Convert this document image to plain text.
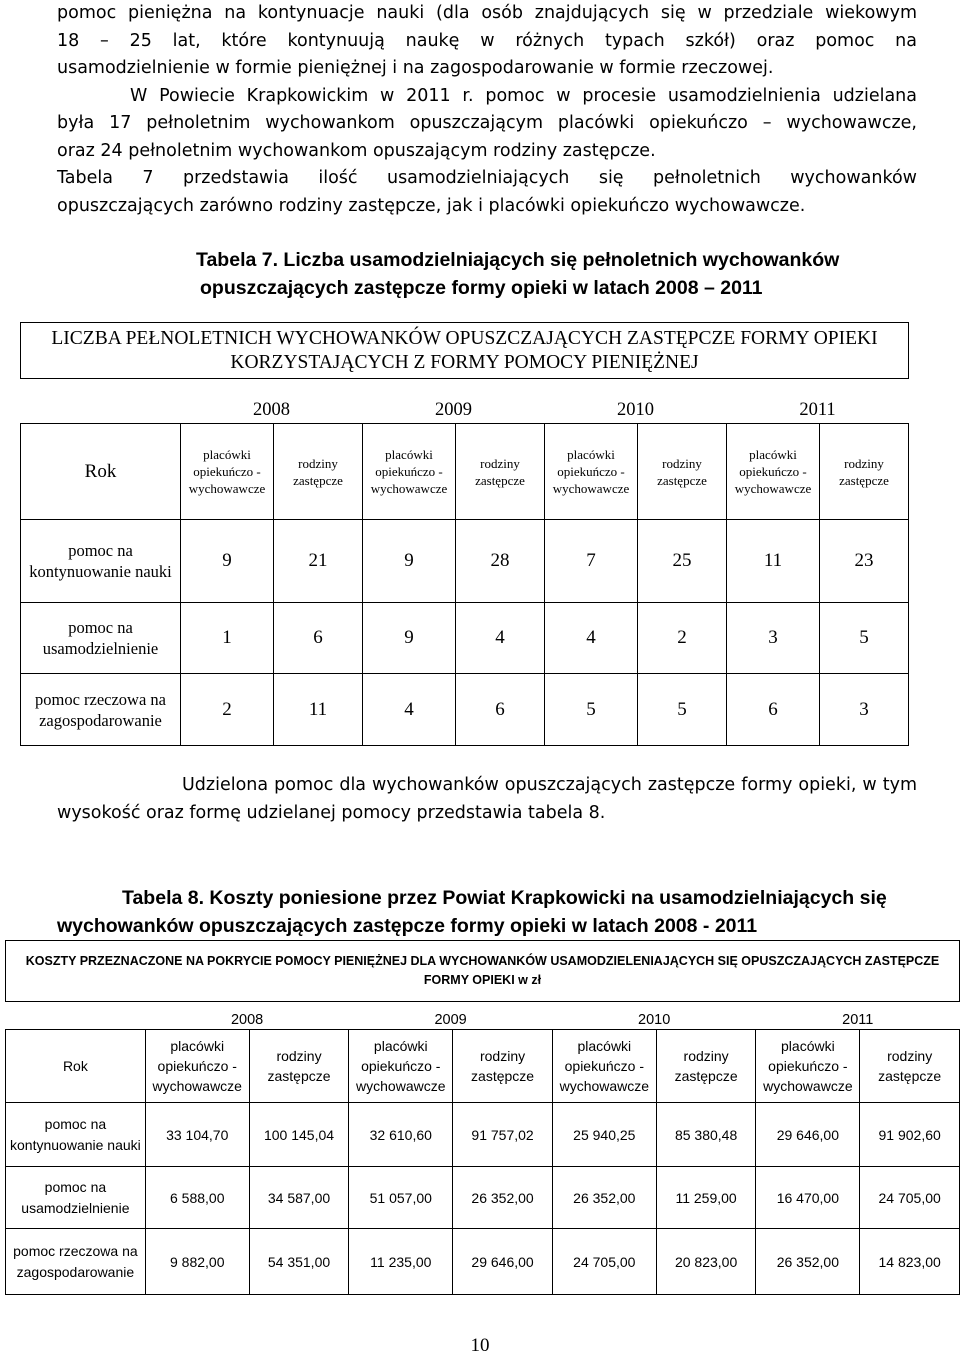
pomoc pieniężna na kontynuacje nauki (dla osób znajdujących się w przedziale wiekowym
18 – 25 lat, które kontynuują naukę w różnych typach szkół) oraz pomoc na
usamodzielnienie w formie pieniężnej i na zagospodarowanie w formie rzeczowej.
W Powiecie Krapkowickim w 2011 r. pomoc w procesie usamodzielnienia udzielana
była 17 pełnoletnim wychowankom opuszczającym placówki opiekuńczo – wychowawcze,
oraz 24 pełnoletnim wychowankom opuszającym rodziny zastępcze.
Tabela 7 przedstawia ilość usamodzielniających się pełnoletnich wychowanków
opuszczających zarówno rodziny zastępcze, jak i placówki opiekuńczo wychowawcze.

Tabela 7. Liczba usamodzielniających się pełnoletnich wychowanków

opuszczających zastępcze formy opieki w latach 2008 – 2011

LICZBA PEŁNOLETNICH WYCHOWANKÓW OPUSZCZAJĄCYCH ZASTĘPCZE FORMY OPIEKI KORZYSTAJĄCYCH Z FORMY POMOCY PIENIĘŻNEJ								
	2008		2009		2010		2011	
Rok	placówki opiekuńczo - wychowawcze	rodziny zastępcze	placówki opiekuńczo - wychowawcze	rodziny zastępcze	placówki opiekuńczo - wychowawcze	rodziny zastępcze	placówki opiekuńczo - wychowawcze	rodziny zastępcze
pomoc na kontynuowanie nauki	9	21	9	28	7	25	11	23
pomoc na usamodzielnienie	1	6	9	4	4	2	3	5
pomoc rzeczowa na zagospodarowanie	2	11	4	6	5	5	6	3
Udzielona pomoc dla wychowanków opuszczających zastępcze formy opieki, w tym
wysokość oraz formę udzielanej pomocy przedstawia tabela 8.

Tabela 8. Koszty poniesione przez Powiat Krapkowicki na usamodzielniających się

wychowanków opuszczających zastępcze formy opieki w latach 2008 - 2011

KOSZTY PRZEZNACZONE NA POKRYCIE POMOCY PIENIĘŻNEJ DLA WYCHOWANKÓW USAMODZIELENIAJĄCYCH SIĘ OPUSZCZAJĄCYCH ZASTĘPCZE FORMY OPIEKI w zł								
	2008		2009		2010		2011	
Rok	placówki opiekuńczo - wychowawcze	rodziny zastępcze	placówki opiekuńczo - wychowawcze	rodziny zastępcze	placówki opiekuńczo - wychowawcze	rodziny zastępcze	placówki opiekuńczo - wychowawcze	rodziny zastępcze
pomoc na kontynuowanie nauki	33 104,70	100 145,04	32 610,60	91 757,02	25 940,25	85 380,48	29 646,00	91 902,60
pomoc na usamodzielnienie	6 588,00	34 587,00	51 057,00	26 352,00	26 352,00	11 259,00	16 470,00	24 705,00
pomoc rzeczowa na zagospodarowanie	9 882,00	54 351,00	11 235,00	29 646,00	24 705,00	20 823,00	26 352,00	14 823,00
10
